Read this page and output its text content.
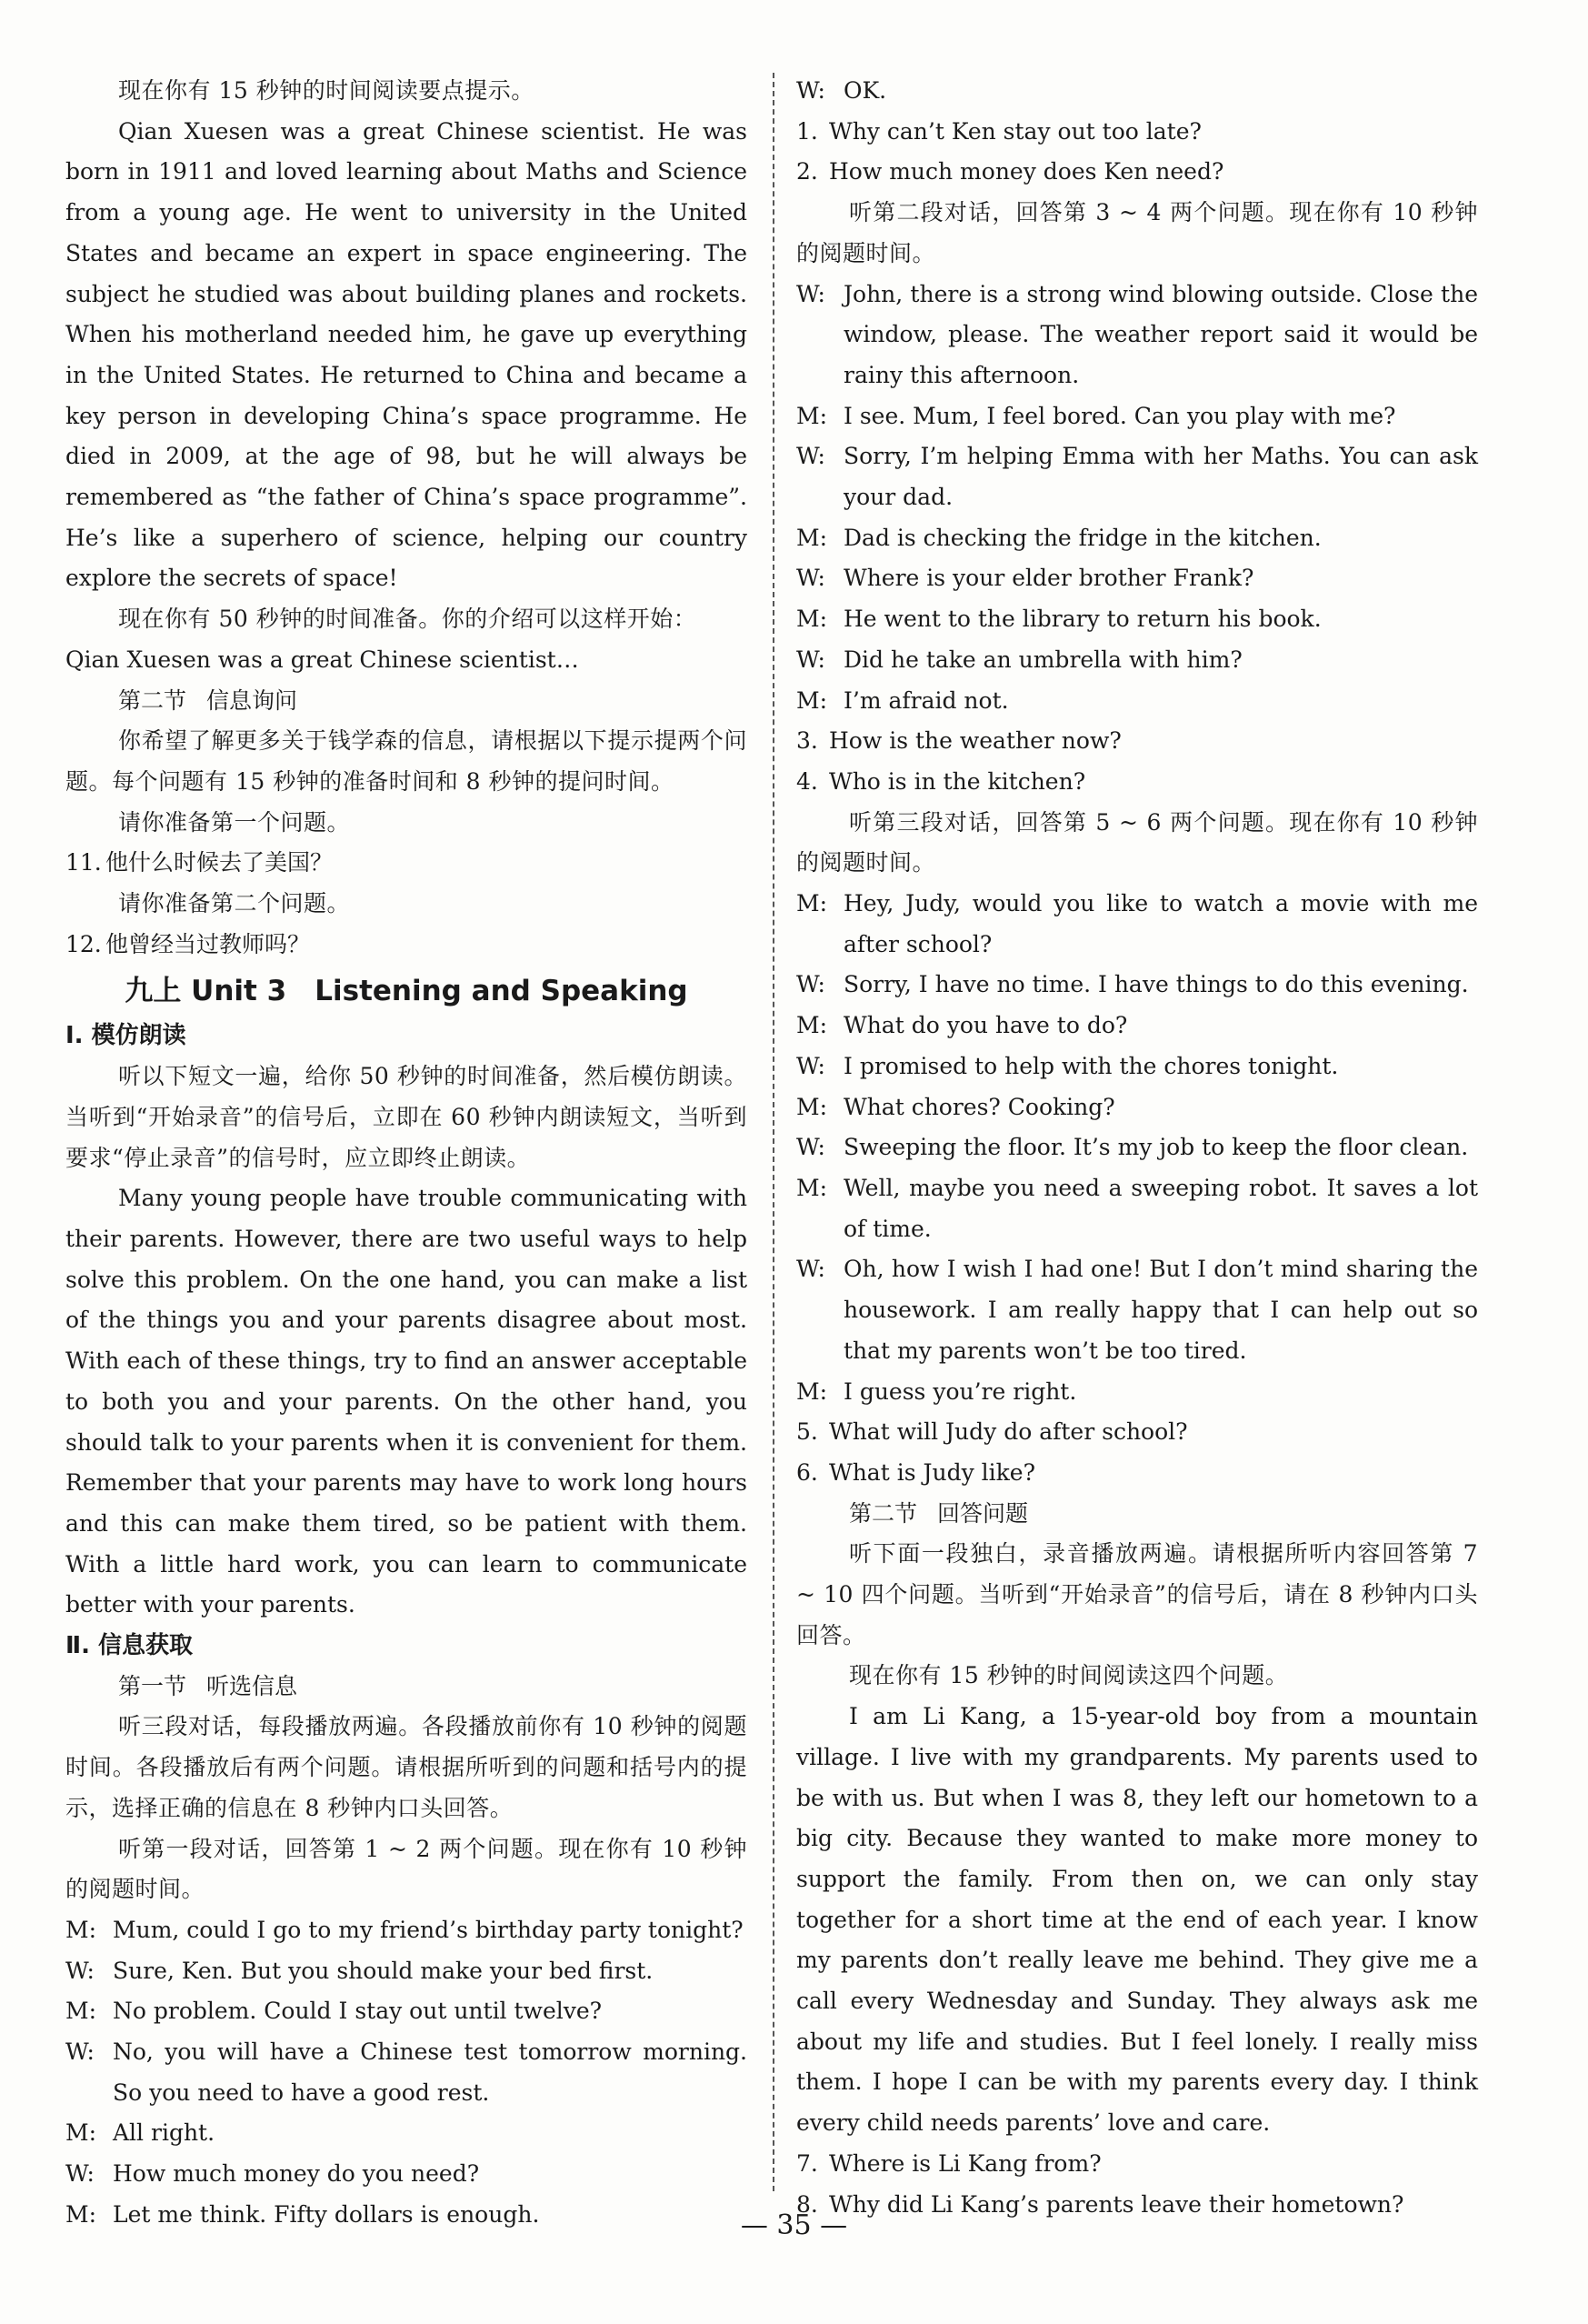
现在你有 15 秒钟的时间阅读要点提示。

Qian Xuesen was a great Chinese scientist. He was born in 1911 and loved learning about Maths and Science from a young age. He went to university in the United States and became an expert in space engineering. The subject he studied was about building planes and rockets. When his motherland needed him, he gave up everything in the United States. He returned to China and became a key person in developing China’s space programme. He died in 2009, at the age of 98, but he will always be remembered as “the father of China’s space programme”. He’s like a superhero of science, helping our country explore the secrets of space!

现在你有 50 秒钟的时间准备。你的介绍可以这样开始：

Qian Xuesen was a great Chinese scientist…

第二节 信息询问

你希望了解更多关于钱学森的信息，请根据以下提示提两个问题。每个问题有 15 秒钟的准备时间和 8 秒钟的提问时间。

请你准备第一个问题。

11. 他什么时候去了美国？

请你准备第二个问题。

12. 他曾经当过教师吗？

九上 Unit 3　Listening and Speaking

Ⅰ. 模仿朗读

听以下短文一遍，给你 50 秒钟的时间准备，然后模仿朗读。当听到“开始录音”的信号后，立即在 60 秒钟内朗读短文，当听到要求“停止录音”的信号时，应立即终止朗读。

Many young people have trouble communicating with their parents. However, there are two useful ways to help solve this problem. On the one hand, you can make a list of the things you and your parents disagree about most. With each of these things, try to find an answer acceptable to both you and your parents. On the other hand, you should talk to your parents when it is convenient for them. Remember that your parents may have to work long hours and this can make them tired, so be patient with them. With a little hard work, you can learn to communicate better with your parents.

Ⅱ. 信息获取

第一节 听选信息

听三段对话，每段播放两遍。各段播放前你有 10 秒钟的阅题时间。各段播放后有两个问题。请根据所听到的问题和括号内的提示，选择正确的信息在 8 秒钟内口头回答。

听第一段对话，回答第 1 ~ 2 两个问题。现在你有 10 秒钟的阅题时间。

M: Mum, could I go to my friend’s birthday party tonight?
W: Sure, Ken. But you should make your bed first.
M: No problem. Could I stay out until twelve?
W: No, you will have a Chinese test tomorrow morning. So you need to have a good rest.
M: All right.
W: How much money do you need?
M: Let me think. Fifty dollars is enough.
W: OK.

1. Why can’t Ken stay out too late?

2. How much money does Ken need?

听第二段对话，回答第 3 ~ 4 两个问题。现在你有 10 秒钟的阅题时间。

W: John, there is a strong wind blowing outside. Close the window, please. The weather report said it would be rainy this afternoon.
M: I see. Mum, I feel bored. Can you play with me?
W: Sorry, I’m helping Emma with her Maths. You can ask your dad.
M: Dad is checking the fridge in the kitchen.
W: Where is your elder brother Frank?
M: He went to the library to return his book.
W: Did he take an umbrella with him?
M: I’m afraid not.

3. How is the weather now?

4. Who is in the kitchen?

听第三段对话，回答第 5 ~ 6 两个问题。现在你有 10 秒钟的阅题时间。

M: Hey, Judy, would you like to watch a movie with me after school?
W: Sorry, I have no time. I have things to do this evening.
M: What do you have to do?
W: I promised to help with the chores tonight.
M: What chores? Cooking?
W: Sweeping the floor. It’s my job to keep the floor clean.
M: Well, maybe you need a sweeping robot. It saves a lot of time.
W: Oh, how I wish I had one! But I don’t mind sharing the housework. I am really happy that I can help out so that my parents won’t be too tired.
M: I guess you’re right.

5. What will Judy do after school?

6. What is Judy like?

第二节 回答问题

听下面一段独白，录音播放两遍。请根据所听内容回答第 7 ~ 10 四个问题。当听到“开始录音”的信号后，请在 8 秒钟内口头回答。

现在你有 15 秒钟的时间阅读这四个问题。

I am Li Kang, a 15-year-old boy from a mountain village. I live with my grandparents. My parents used to be with us. But when I was 8, they left our hometown to a big city. Because they wanted to make more money to support the family. From then on, we can only stay together for a short time at the end of each year. I know my parents don’t really leave me behind. They give me a call every Wednesday and Sunday. They always ask me about my life and studies. But I feel lonely. I really miss them. I hope I can be with my parents every day. I think every child needs parents’ love and care.

7. Where is Li Kang from?

8. Why did Li Kang’s parents leave their hometown?

— 35 —
